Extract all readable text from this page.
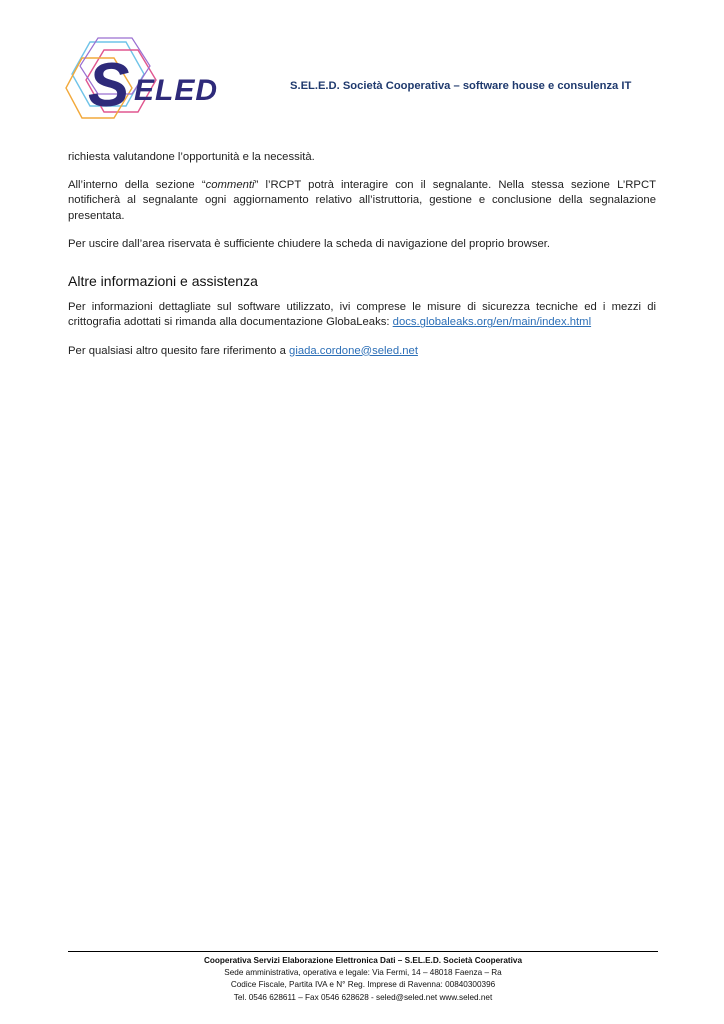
S ELED	S.EL.E.D. Società Cooperativa – software house e consulenza IT

richiesta valutandone l’opportunità e la necessità.

All’interno della sezione “commenti” l’RCPT potrà interagire con il segnalante. Nella stessa sezione L’RPCT notificherà al segnalante ogni aggiornamento relativo all’istruttoria, gestione e conclusione della segnalazione presentata.

Per uscire dall’area riservata è sufficiente chiudere la scheda di navigazione del proprio browser.

Altre informazioni e assistenza

Per informazioni dettagliate sul software utilizzato, ivi comprese le misure di sicurezza tecniche ed i mezzi di crittografia adottati si rimanda alla documentazione GlobaLeaks: docs.globaleaks.org/en/main/index.html

Per qualsiasi altro quesito fare riferimento a giada.cordone@seled.net

Cooperativa Servizi Elaborazione Elettronica Dati – S.EL.E.D. Società Cooperativa
Sede amministrativa, operativa e legale: Via Fermi, 14 – 48018 Faenza – Ra
Codice Fiscale, Partita IVA e N° Reg. Imprese di Ravenna: 00840300396
Tel. 0546 628611 – Fax 0546 628628 - seled@seled.net www.seled.net
